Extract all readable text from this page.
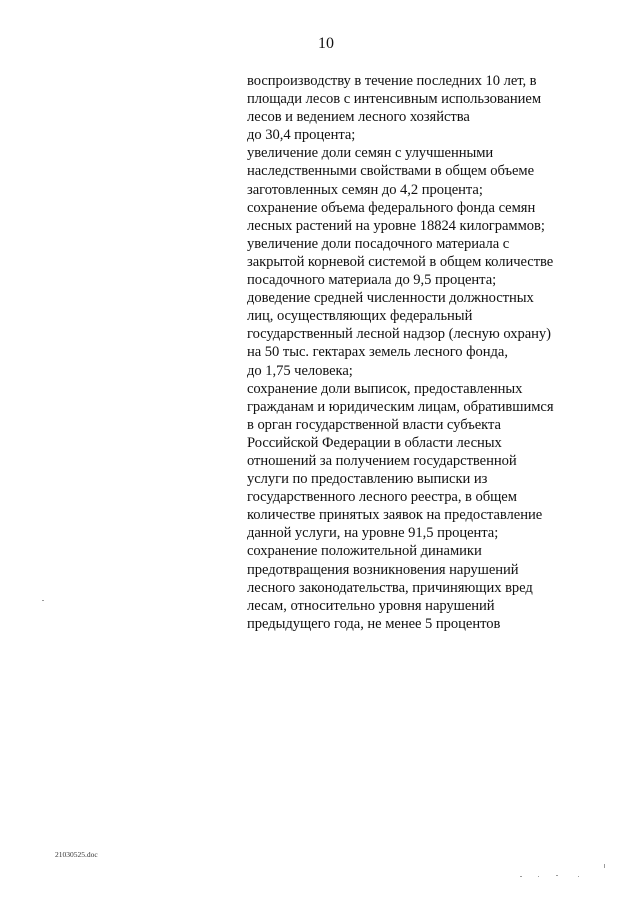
10
воспроизводству в течение последних 10 лет, в
площади лесов с интенсивным использованием
лесов и ведением лесного хозяйства
до 30,4 процента;
увеличение доли семян с улучшенными
наследственными свойствами в общем объеме
заготовленных семян до 4,2 процента;
сохранение объема федерального фонда семян
лесных растений на уровне 18824 килограммов;
увеличение доли посадочного материала с
закрытой корневой системой в общем количестве
посадочного материала до 9,5 процента;
доведение средней численности должностных
лиц, осуществляющих федеральный
государственный лесной надзор (лесную охрану)
на 50 тыс. гектарах земель лесного фонда,
до 1,75 человека;
сохранение доли выписок, предоставленных
гражданам и юридическим лицам, обратившимся
в орган государственной власти субъекта
Российской Федерации в области лесных
отношений за получением государственной
услуги по предоставлению выписки из
государственного лесного реестра, в общем
количестве принятых заявок на предоставление
данной услуги, на уровне 91,5 процента;
сохранение положительной динамики
предотвращения возникновения нарушений
лесного законодательства, причиняющих вред
лесам, относительно уровня нарушений
предыдущего года, не менее 5 процентов
21030525.doc
